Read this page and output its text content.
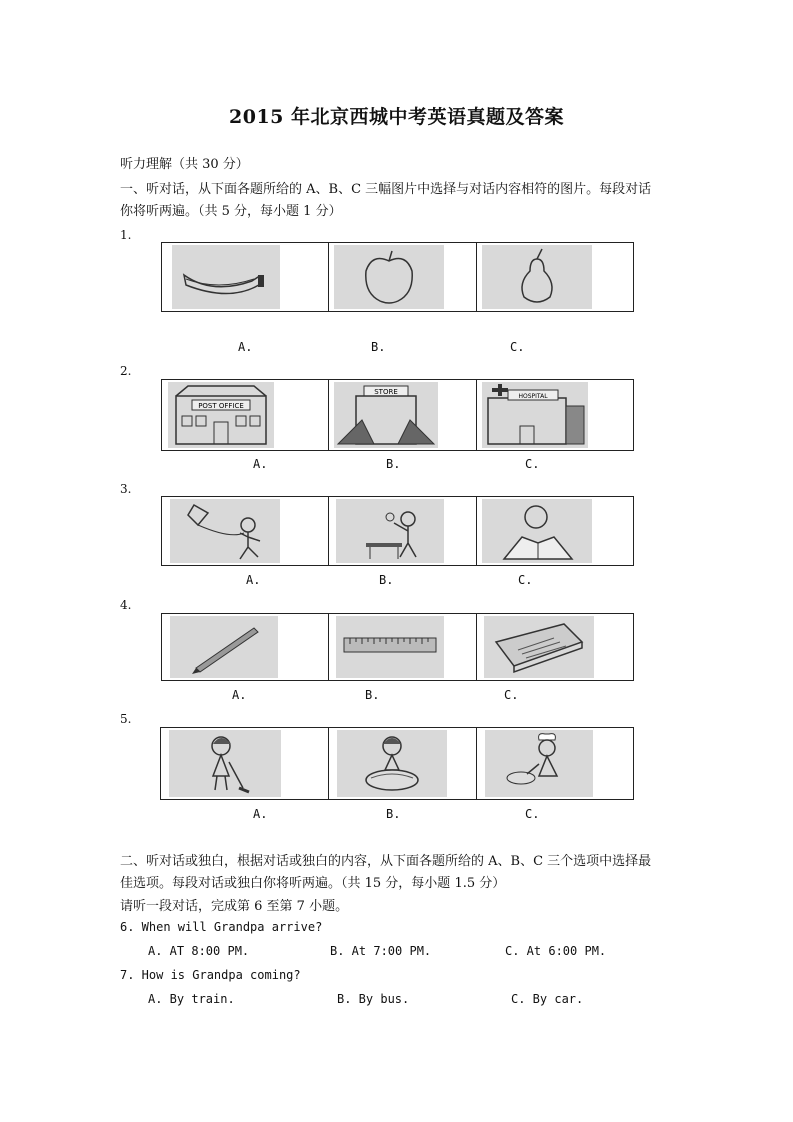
2015 年北京西城中考英语真题及答案
听力理解（共 30 分）
一、听对话，从下面各题所给的 A、B、C 三幅图片中选择与对话内容相符的图片。每段对话
你将听两遍。（共 5 分，每小题 1 分）
1.
A.	B.	C.
2.
POST OFFICE
STORE
HOSPITAL
A.	B.	C.
3.
A.	B.	C.
4.
A.	B.	C.
5.
A.	B.	C.
二、听对话或独白，根据对话或独白的内容，从下面各题所给的 A、B、C 三个选项中选择最
佳选项。每段对话或独白你将听两遍。（共 15 分，每小题 1.5 分）
请听一段对话，完成第 6 至第 7 小题。
6. When will Grandpa arrive?
A. AT 8:00 PM.	B. At 7:00 PM.	C. At 6:00 PM.
7. How is Grandpa coming?
A. By train.	B. By bus.	C. By car.
